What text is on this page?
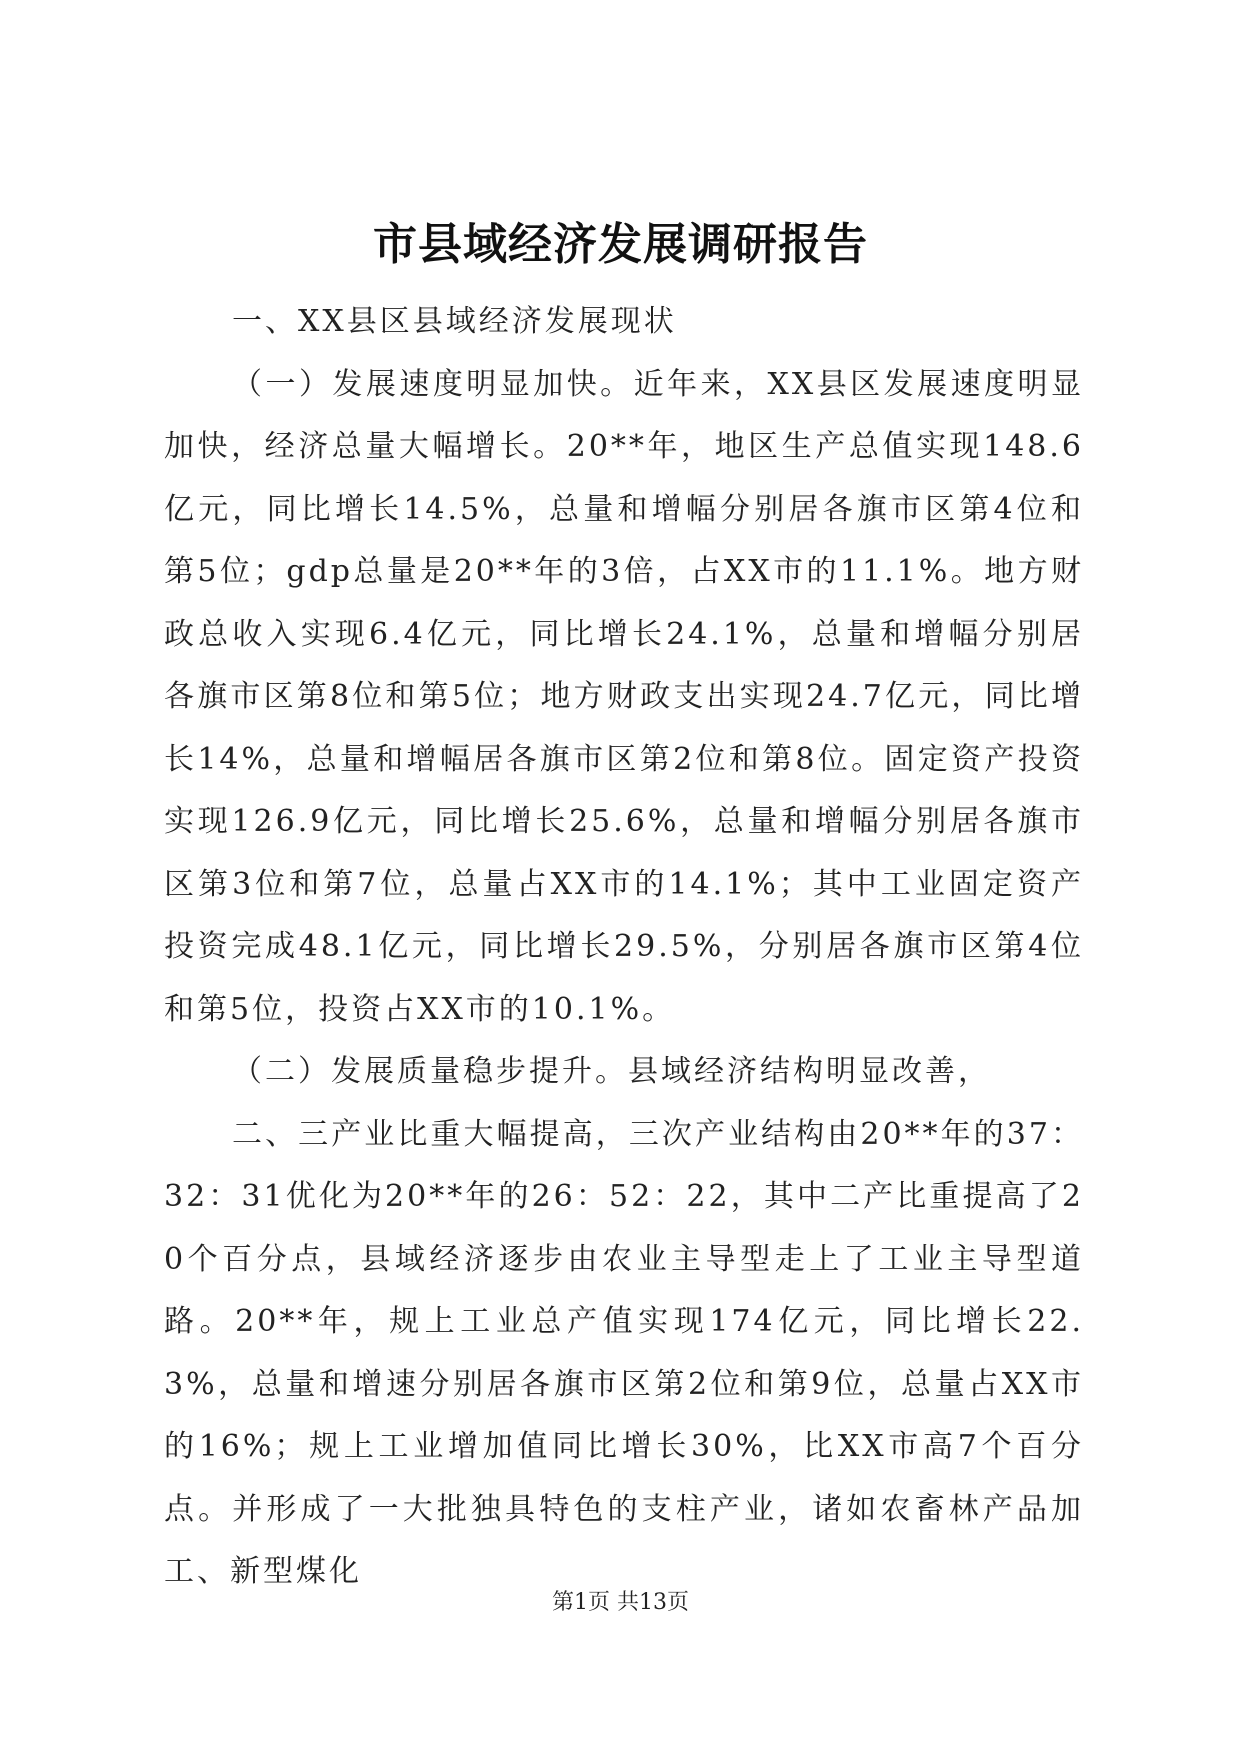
市县域经济发展调研报告

一、XX县区县域经济发展现状

（一）发展速度明显加快。近年来，XX县区发展速度明显加快，经济总量大幅增长。20**年，地区生产总值实现148.6亿元，同比增长14.5%，总量和增幅分别居各旗市区第4位和第5位；gdp总量是20**年的3倍，占XX市的11.1%。地方财政总收入实现6.4亿元，同比增长24.1%，总量和增幅分别居各旗市区第8位和第5位；地方财政支出实现24.7亿元，同比增长14%，总量和增幅居各旗市区第2位和第8位。固定资产投资实现126.9亿元，同比增长25.6%，总量和增幅分别居各旗市区第3位和第7位，总量占XX市的14.1%；其中工业固定资产投资完成48.1亿元，同比增长29.5%，分别居各旗市区第4位和第5位，投资占XX市的10.1%。

（二）发展质量稳步提升。县域经济结构明显改善，

二、三产业比重大幅提高，三次产业结构由20**年的37：32：31优化为20**年的26：52：22，其中二产比重提高了20个百分点，县域经济逐步由农业主导型走上了工业主导型道路。20**年，规上工业总产值实现174亿元，同比增长22.3%，总量和增速分别居各旗市区第2位和第9位，总量占XX市的16%；规上工业增加值同比增长30%，比XX市高7个百分点。并形成了一大批独具特色的支柱产业，诸如农畜林产品加工、新型煤化

第1页 共13页
